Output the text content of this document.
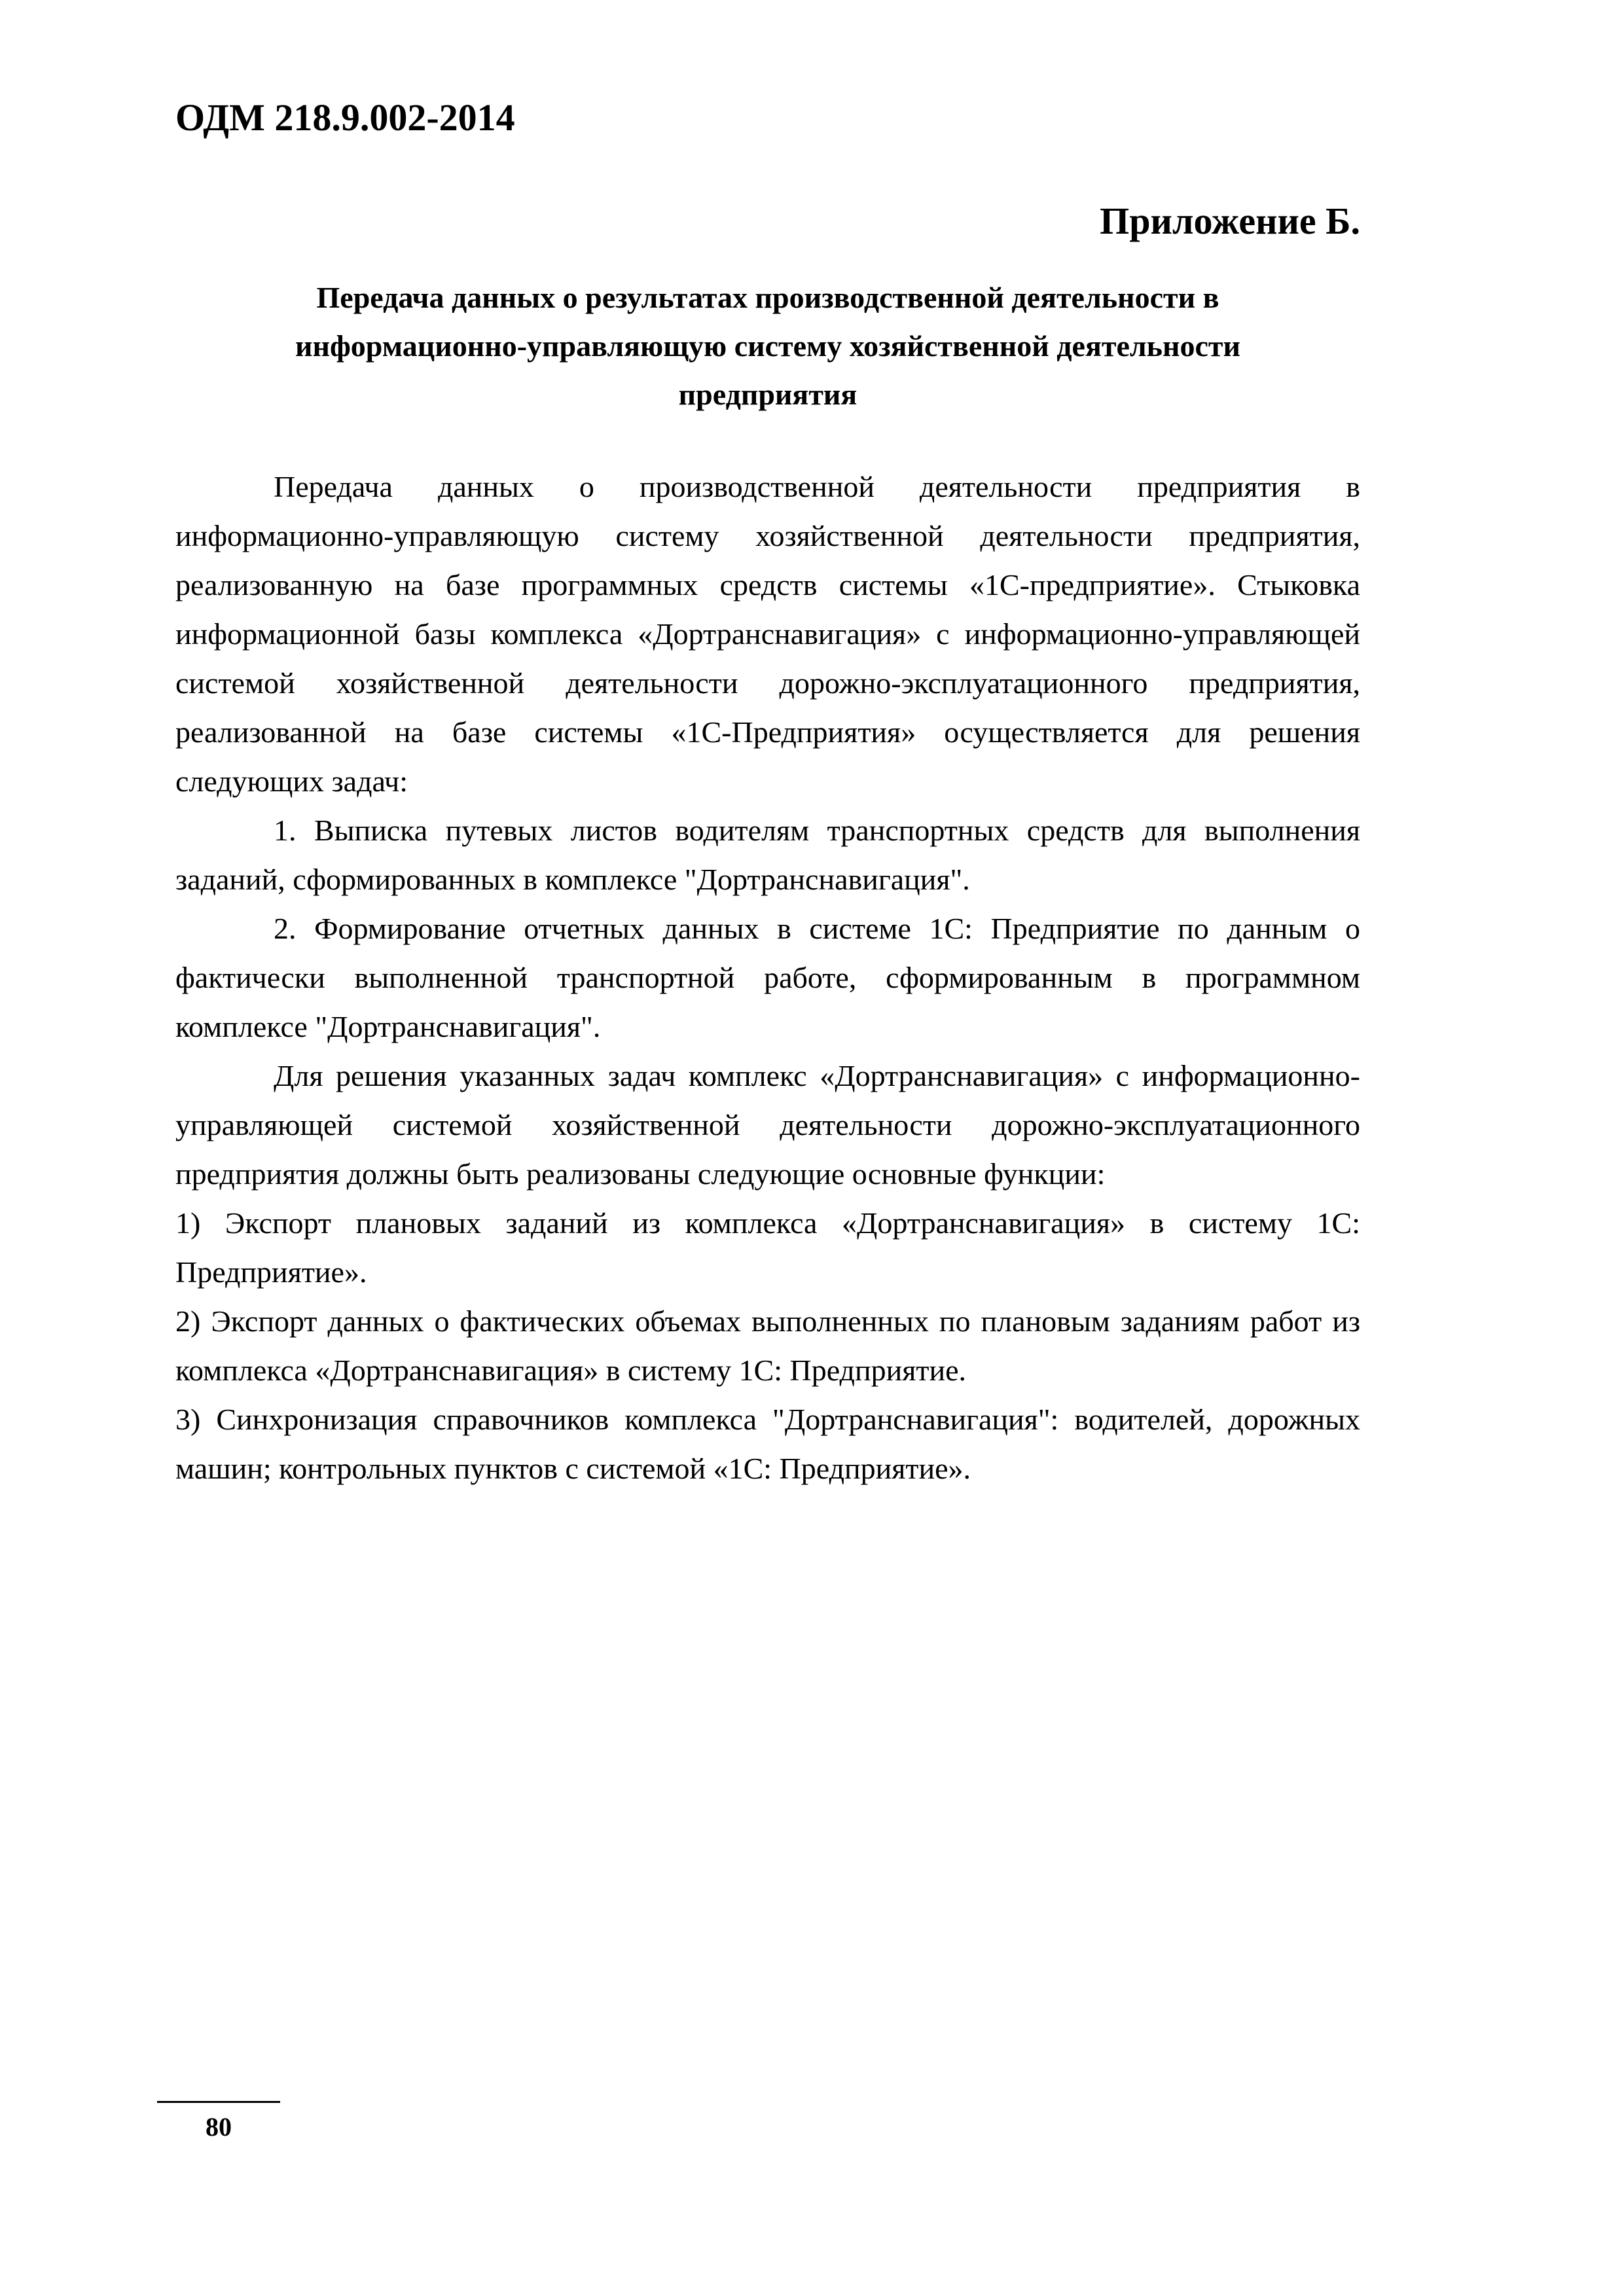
ОДМ 218.9.002-2014
Приложение Б.
Передача данных о результатах производственной деятельности в
информационно-управляющую систему хозяйственной деятельности
предприятия

Передача данных о производственной деятельности предприятия в информационно-управляющую систему хозяйственной деятельности предприятия, реализованную на базе программных средств системы «1С-предприятие». Стыковка информационной базы комплекса «Дортранснавигация» с информационно-управляющей системой хозяйственной деятельности дорожно-эксплуатационного предприятия, реализованной на базе системы «1С-Предприятия» осуществляется для решения следующих задач:

1. Выписка путевых листов водителям транспортных средств для выполнения заданий, сформированных в комплексе "Дортранснавигация".

2. Формирование отчетных данных в системе 1С: Предприятие по данным о фактически выполненной транспортной работе, сформированным в программном комплексе "Дортранснавигация".

Для решения указанных задач комплекс «Дортранснавигация» с информационно-управляющей системой хозяйственной деятельности дорожно-эксплуатационного предприятия должны быть реализованы следующие основные функции:

1) Экспорт плановых заданий из комплекса «Дортранснавигация» в систему 1С: Предприятие».

2) Экспорт данных о фактических объемах выполненных по плановым заданиям работ из комплекса «Дортранснавигация» в систему 1С: Предприятие.

3) Синхронизация справочников комплекса "Дортранснавигация": водителей, дорожных машин; контрольных пунктов с системой «1С: Предприятие».

80
